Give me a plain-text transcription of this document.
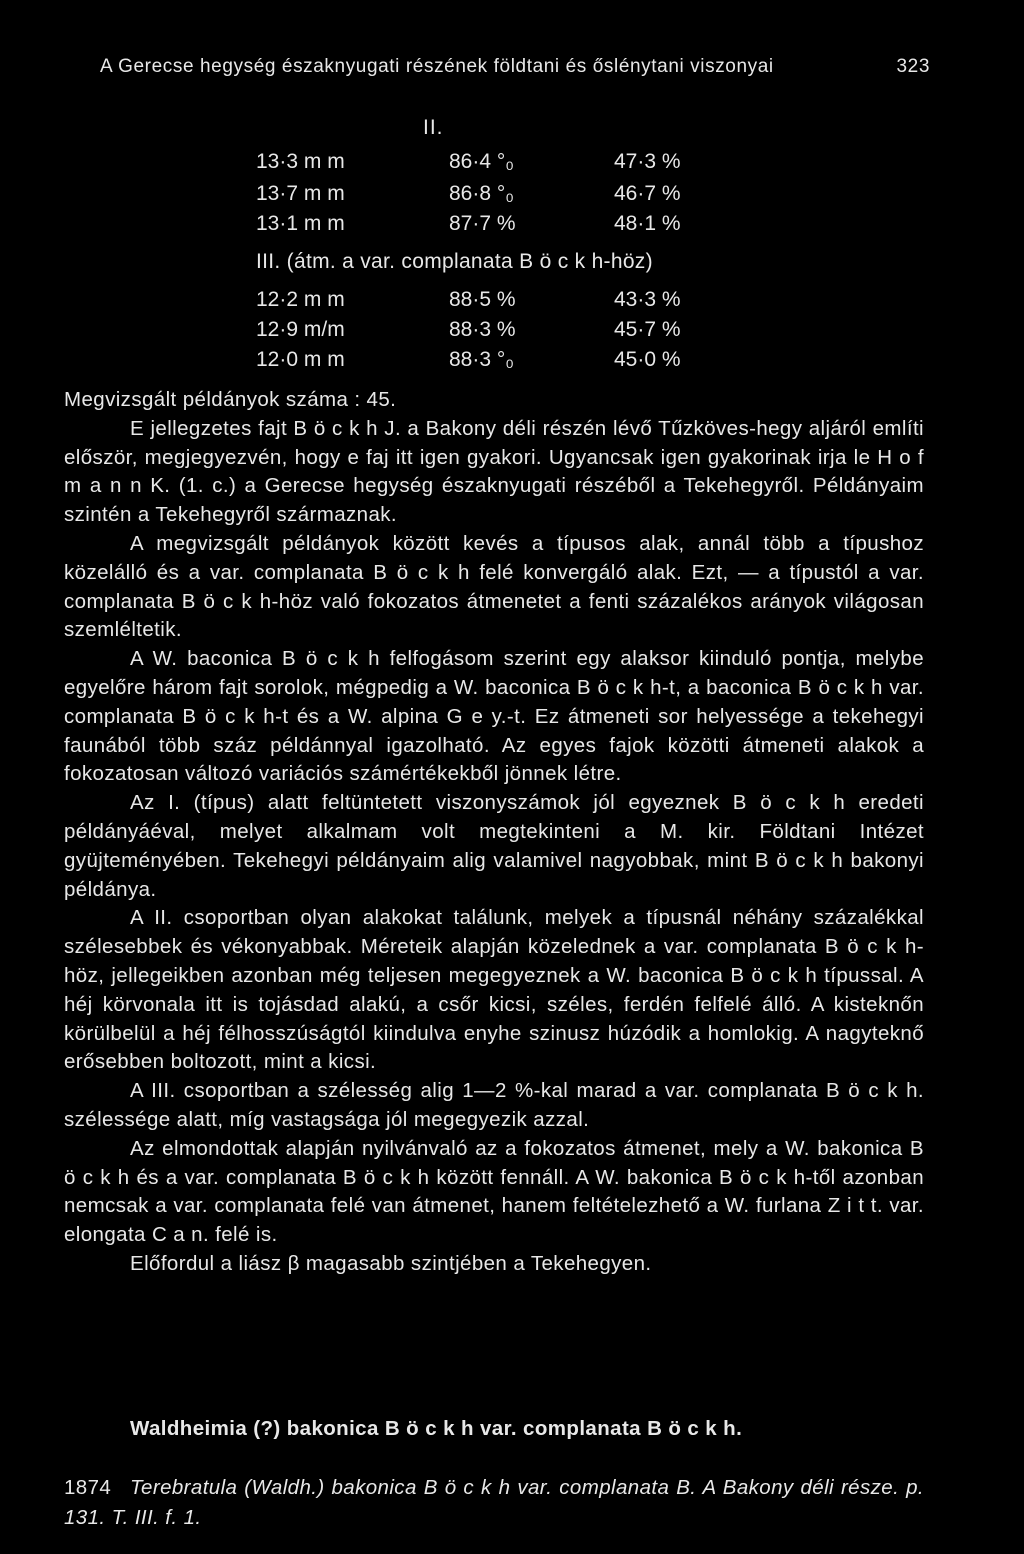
A Gerecse hegység északnyugati részének földtani és őslénytani viszonyai	323
II.
13·3 m m	86·4 °₀	47·3 %
13·7 m m	86·8 °₀	46·7 %
13·1 m m	87·7 %	48·1 %
III. (átm. a var. complanata B ö c k h-höz)
12·2 m m	88·5 %	43·3 %
12·9 m/m	88·3 %	45·7 %
12·0 m m	88·3 °₀	45·0 %

Megvizsgált példányok száma : 45.

E jellegzetes fajt B ö c k h J. a Bakony déli részén lévő Tűzköves-hegy aljáról említi először, megjegyezvén, hogy e faj itt igen gyakori. Ugyancsak igen gyakorinak irja le H o f m a n n K. (1. c.) a Gerecse hegység északnyugati részéből a Tekehegyről. Példányaim szintén a Tekehegyről származnak.

A megvizsgált példányok között kevés a típusos alak, annál több a típushoz közelálló és a var. complanata B ö c k h felé konvergáló alak. Ezt, — a típustól a var. complanata B ö c k h-höz való fokozatos átmenetet a fenti százalékos arányok világosan szemléltetik.

A W. baconica B ö c k h felfogásom szerint egy alaksor kiinduló pontja, melybe egyelőre három fajt sorolok, mégpedig a W. baconica B ö c k h-t, a baconica B ö c k h var. complanata B ö c k h-t és a W. alpina G e y.-t. Ez átmeneti sor helyessége a tekehegyi faunából több száz példánnyal igazolható. Az egyes fajok közötti átmeneti alakok a fokozatosan változó variációs számértékekből jönnek létre.

Az I. (típus) alatt feltüntetett viszonyszámok jól egyeznek B ö c k h eredeti példányáéval, melyet alkalmam volt megtekinteni a M. kir. Földtani Intézet gyüjteményében. Tekehegyi példányaim alig valamivel nagyobbak, mint B ö c k h bakonyi példánya.

A II. csoportban olyan alakokat találunk, melyek a típusnál néhány százalékkal szélesebbek és vékonyabbak. Méreteik alapján közelednek a var. complanata B ö c k h-höz, jellegeikben azonban még teljesen megegyeznek a W. baconica B ö c k h típussal. A héj körvonala itt is tojásdad alakú, a csőr kicsi, széles, ferdén felfelé álló. A kisteknőn körülbelül a héj félhosszúságtól kiindulva enyhe szinusz húzódik a homlokig. A nagyteknő erősebben boltozott, mint a kicsi.

A III. csoportban a szélesség alig 1—2 %-kal marad a var. complanata B ö c k h. szélessége alatt, míg vastagsága jól megegyezik azzal.

Az elmondottak alapján nyilvánvaló az a fokozatos átmenet, mely a W. bakonica B ö c k h és a var. complanata B ö c k h között fennáll. A W. bakonica B ö c k h-től azonban nemcsak a var. complanata felé van átmenet, hanem feltételezhető a W. furlana Z i t t. var. elongata C a n. felé is.

Előfordul a liász β magasabb szintjében a Tekehegyen.

Waldheimia (?) bakonica B ö c k h var. complanata B ö c k h.
1874 Terebratula (Waldh.) bakonica B ö c k h var. complanata B. A Bakony déli része. p. 131. T. III. f. 1.
